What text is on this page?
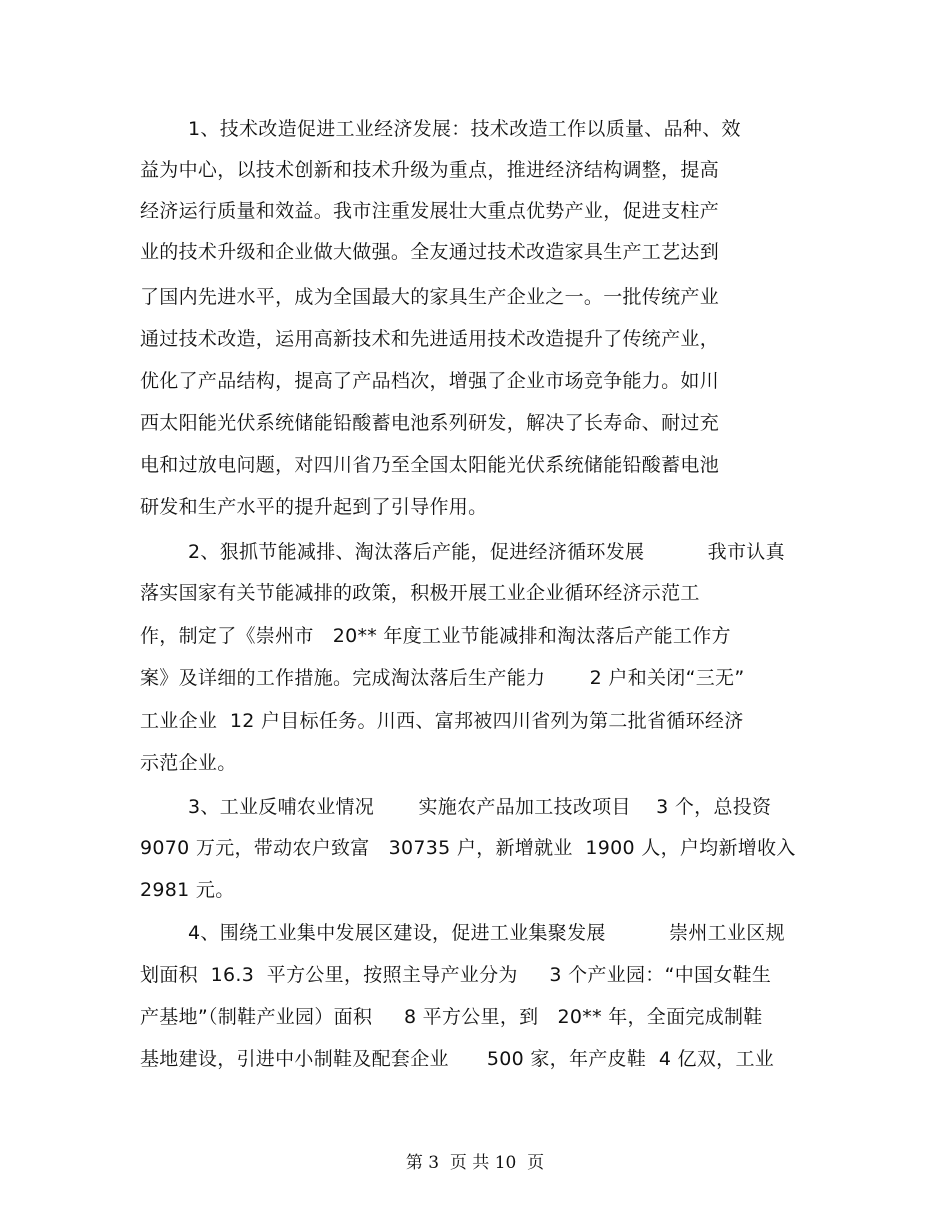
1、技术改造促进工业经济发展：技术改造工作以质量、品种、效
益为中心，以技术创新和技术升级为重点，推进经济结构调整，提高
经济运行质量和效益。我市注重发展壮大重点优势产业，促进支柱产
业的技术升级和企业做大做强。全友通过技术改造家具生产工艺达到
了国内先进水平，成为全国最大的家具生产企业之一。一批传统产业
通过技术改造，运用高新技术和先进适用技术改造提升了传统产业，
优化了产品结构，提高了产品档次，增强了企业市场竞争能力。如川
西太阳能光伏系统储能铅酸蓄电池系列研发，解决了长寿命、耐过充
电和过放电问题，对四川省乃至全国太阳能光伏系统储能铅酸蓄电池
研发和生产水平的提升起到了引导作用。
2、狠抓节能减排、淘汰落后产能，促进经济循环发展          我市认真
落实国家有关节能减排的政策，积极开展工业企业循环经济示范工
作，制定了《崇州市   20** 年度工业节能减排和淘汰落后产能工作方
案》及详细的工作措施。完成淘汰落后生产能力       2 户和关闭“三无”
工业企业  12 户目标任务。川西、富邦被四川省列为第二批省循环经济
示范企业。
3、工业反哺农业情况       实施农产品加工技改项目    3 个，总投资
9070 万元，带动农户致富   30735 户，新增就业  1900 人，户均新增收入
2981 元。
4、围绕工业集中发展区建设，促进工业集聚发展          崇州工业区规
划面积  16.3  平方公里，按照主导产业分为     3 个产业园：“中国女鞋生
产基地”（制鞋产业园）面积     8 平方公里，到   20** 年，全面完成制鞋
基地建设，引进中小制鞋及配套企业      500 家，年产皮鞋  4 亿双，工业
第 3  页 共 10  页
